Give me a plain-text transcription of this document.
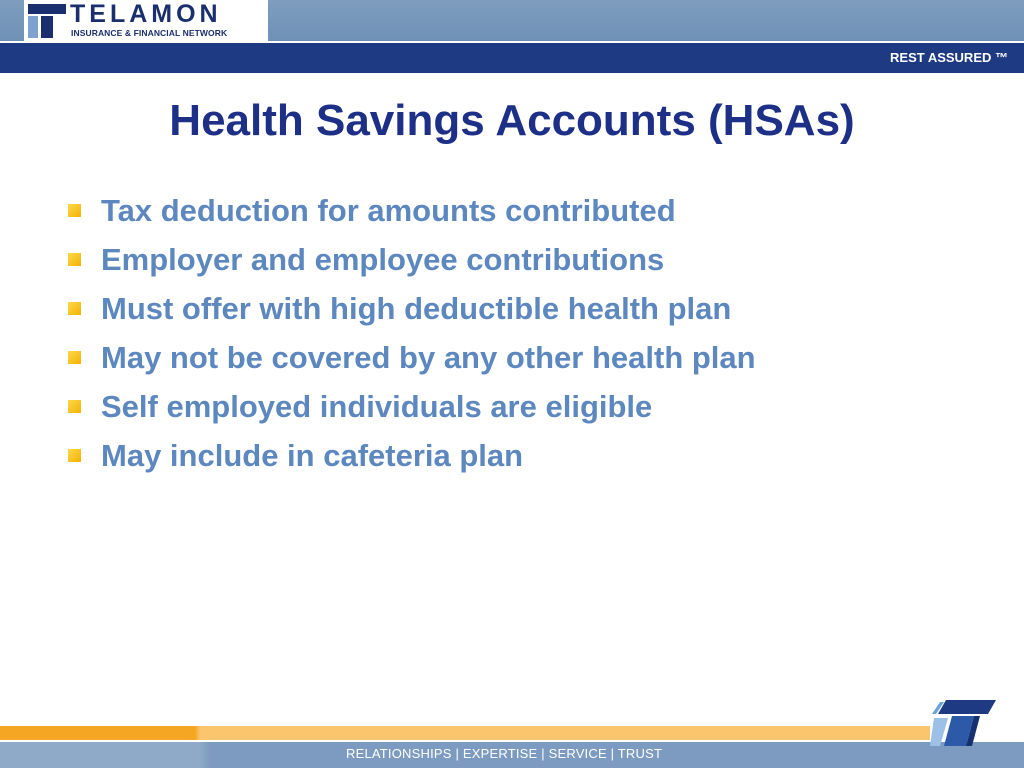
TELAMON
INSURANCE & FINANCIAL NETWORK
REST ASSURED ™
Health Savings Accounts (HSAs)
Tax deduction for amounts contributed
Employer and employee contributions
Must offer with high deductible health plan
May not be covered by any other health plan
Self employed individuals are eligible
May include in cafeteria plan
RELATIONSHIPS | EXPERTISE | SERVICE | TRUST
